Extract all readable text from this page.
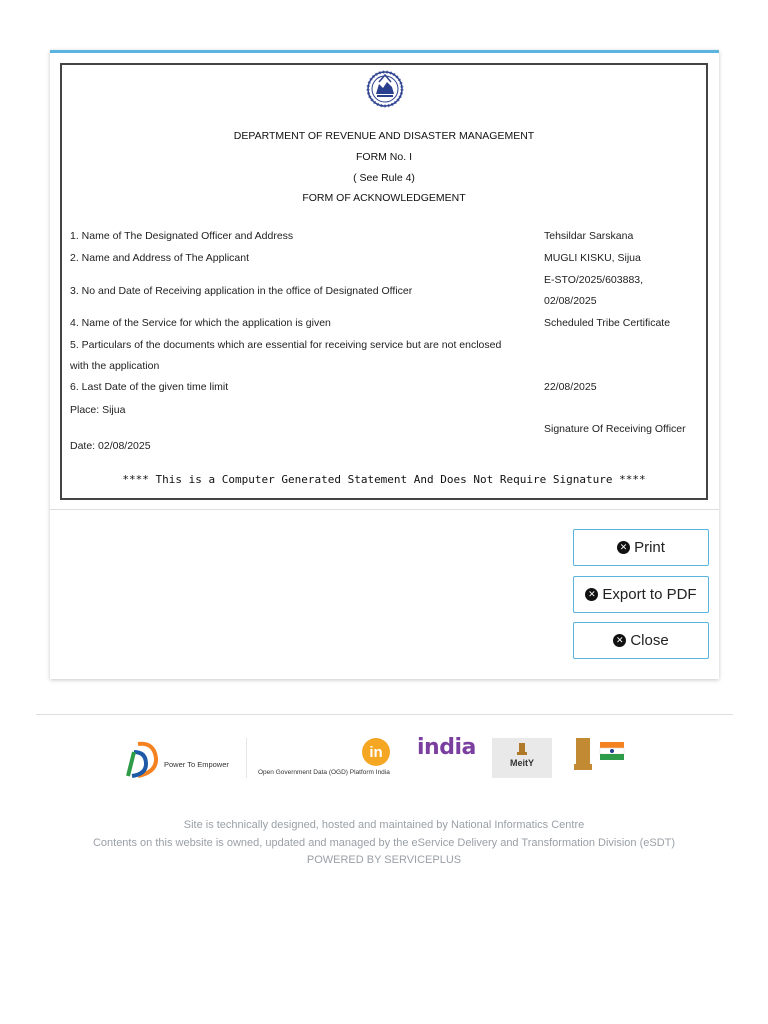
DEPARTMENT OF REVENUE AND DISASTER MANAGEMENT
FORM No. I
( See Rule 4)
FORM OF ACKNOWLEDGEMENT
1. Name of The Designated Officer and Address	Tehsildar Sarskana
2. Name and Address of The Applicant	MUGLI KISKU, Sijua
3. No and Date of Receiving application in the office of Designated Officer
E-STO/2025/603883,
02/08/2025
4. Name of the Service for which the application is given	Scheduled Tribe Certificate
5. Particulars of the documents which are essential for receiving service but are not enclosed
with the application
6. Last Date of the given time limit	22/08/2025
Place: Sijua
Signature Of Receiving Officer
Date: 02/08/2025
**** This is a Computer Generated Statement And Does Not Require Signature ****
✕ Print
✕ Export to PDF
✕ Close
Power To Empower
in
Open Government Data (OGD) Platform India
india
MeitY
Site is technically designed, hosted and maintained by National Informatics Centre
Contents on this website is owned, updated and managed by the eService Delivery and Transformation Division (eSDT)
POWERED BY SERVICEPLUS
